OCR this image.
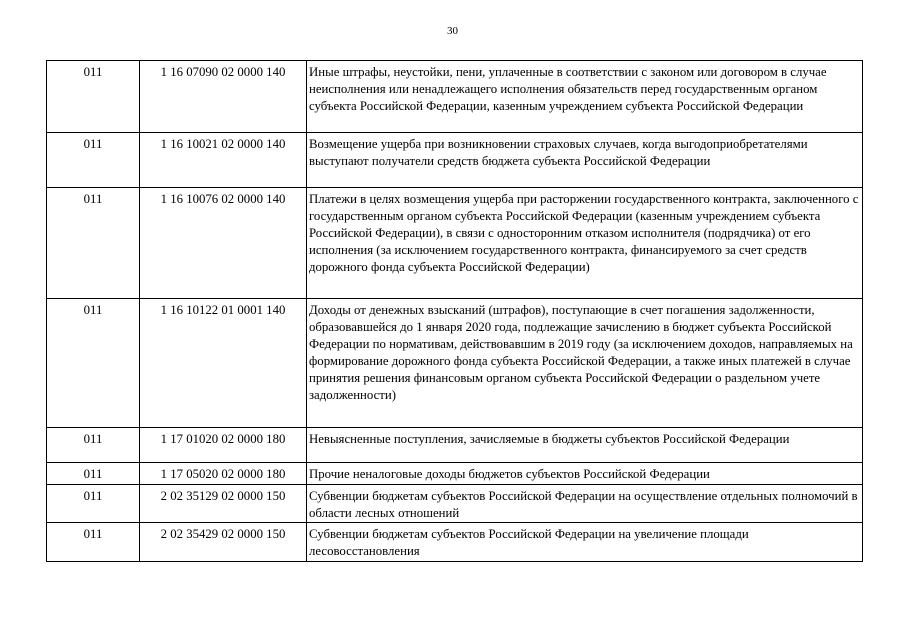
30
011	1 16 07090 02 0000 140	Иные штрафы, неустойки, пени, уплаченные в соответствии с законом или договором в случае неисполнения или ненадлежащего исполнения обязательств перед государственным органом субъекта Российской Федерации, казенным учреждением субъекта Российской Федерации
011	1 16 10021 02 0000 140	Возмещение ущерба при возникновении страховых случаев, когда выгодоприобретателями выступают получатели средств бюджета субъекта Российской Федерации
011	1 16 10076 02 0000 140	Платежи в целях возмещения ущерба при расторжении государственного контракта, заключенного с государственным органом субъекта Российской Федерации (казенным учреждением субъекта Российской Федерации), в связи с односторонним отказом исполнителя (подрядчика) от его исполнения (за исключением государственного контракта, финансируемого за счет средств дорожного фонда субъекта Российской Федерации)
011	1 16 10122 01 0001 140	Доходы от денежных взысканий (штрафов), поступающие в счет погашения задолженности, образовавшейся до 1 января 2020 года, подлежащие зачислению в бюджет субъекта Российской Федерации по нормативам, действовавшим в 2019 году (за исключением доходов, направляемых на формирование дорожного фонда субъекта Российской Федерации, а также иных платежей в случае принятия решения финансовым органом субъекта Российской Федерации о раздельном учете задолженности)
011	1 17 01020 02 0000 180	Невыясненные поступления, зачисляемые в бюджеты субъектов Российской Федерации
011	1 17 05020 02 0000 180	Прочие неналоговые доходы бюджетов субъектов Российской Федерации
011	2 02 35129 02 0000 150	Субвенции бюджетам субъектов Российской Федерации на осуществление отдельных полномочий в области лесных отношений
011	2 02 35429 02 0000 150	Субвенции бюджетам субъектов Российской Федерации на увеличение площади лесовосстановления
